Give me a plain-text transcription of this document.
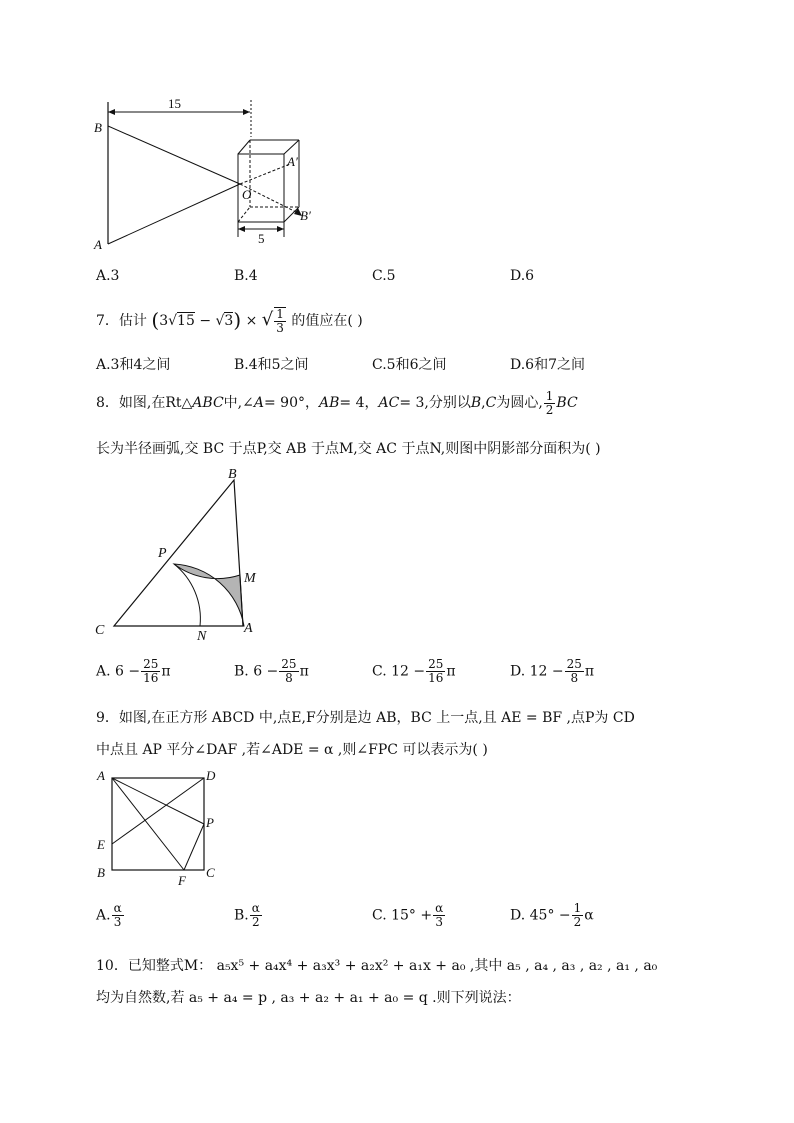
15
B
A
O
A′
B′
5
A.3	B.4	C.5	D.6
7．估计 (3√15 − √3) × √ $\frac{1}{3}$ 的值应在( )
A.3和4之间	B.4和5之间	C.5和6之间	D.6和7之间
8．如图,在Rt△ABC中,∠A= 90°，AB= 4，AC= 3,分别以B,C为圆心, $\frac{1}{2}$ BC
长为半径画弧,交 BC 于点P,交 AB 于点M,交 AC 于点N,则图中阴影部分面积为( )
B
P
M
C	N
A
A. $6 - \frac{25}{16}$ π	B. $6 - \frac{25}{8}$ π	C. $12 - \frac{25}{16}$ π	D. $12 - \frac{25}{8}$ π
9．如图,在正方形 ABCD 中,点E,F分别是边 AB，BC 上一点,且 AE = BF ,点P为 CD
中点且 AP 平分∠DAF ,若∠ADE = α ,则∠FPC 可以表示为( )
A	D
P
E
B
F
C
A. $\frac{\alpha}{3}$	B. $\frac{\alpha}{2}$	C. $15^\circ + \frac{\alpha}{3}$	D. $45^\circ - \frac{1}{2}$ α
10．已知整式M： a₅x⁵ + a₄x⁴ + a₃x³ + a₂x² + a₁x + a₀ ,其中 a₅ , a₄ , a₃ , a₂ , a₁ , a₀
均为自然数,若 a₅ + a₄ = p , a₃ + a₂ + a₁ + a₀ = q .则下列说法：
